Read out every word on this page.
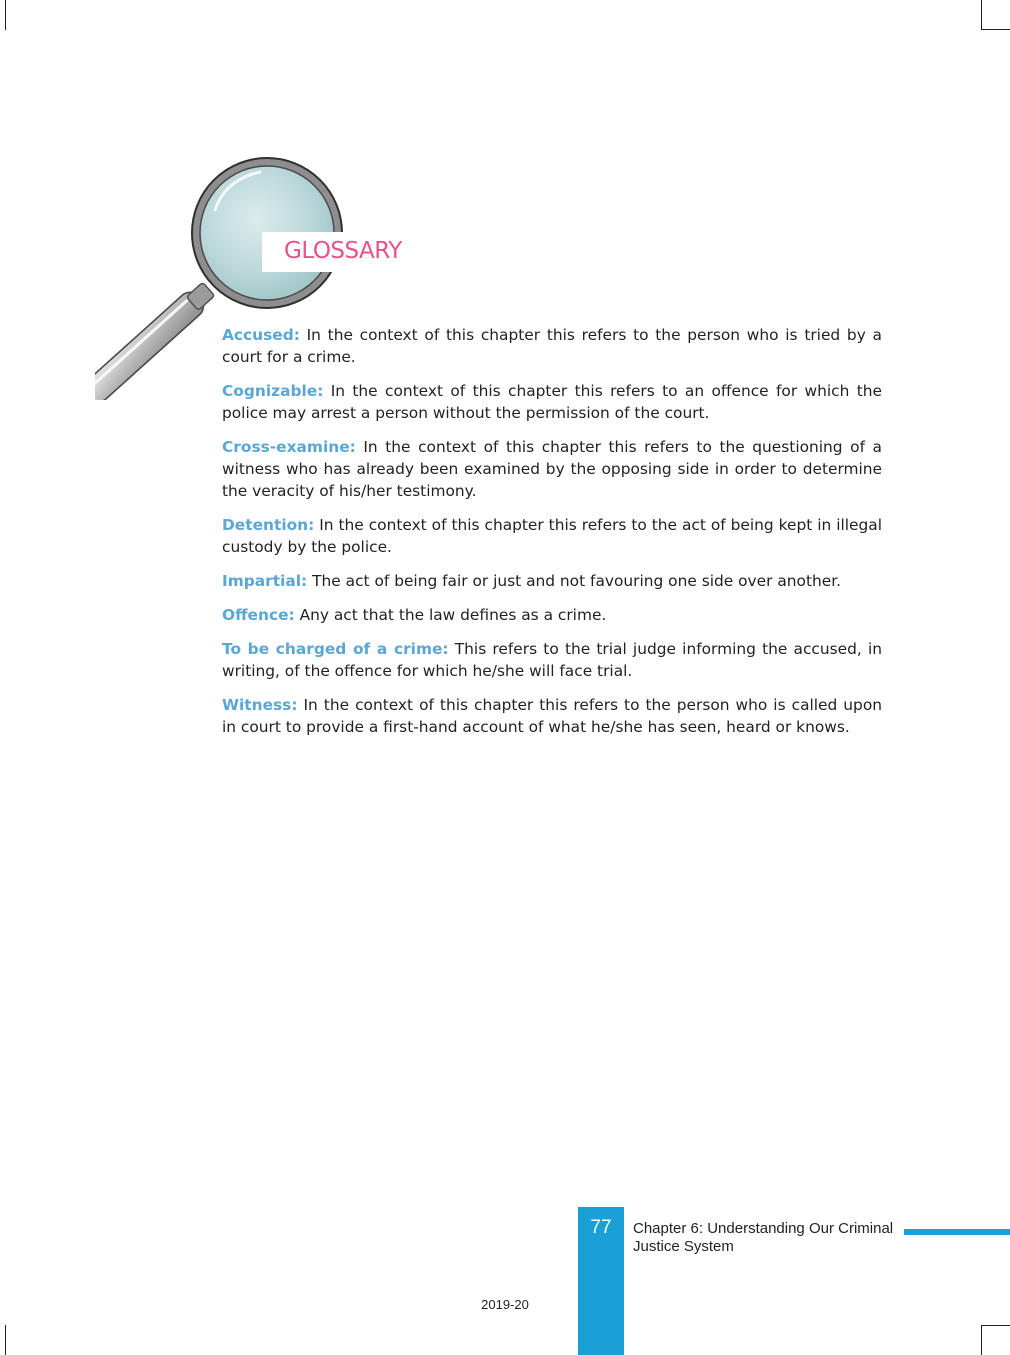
GLOSSARY

Accused: In the context of this chapter this refers to the person who is tried by a court for a crime.

Cognizable: In the context of this chapter this refers to an offence for which the police may arrest a person without the permission of the court.

Cross-examine: In the context of this chapter this refers to the questioning of a witness who has already been examined by the opposing side in order to determine the veracity of his/her testimony.

Detention: In the context of this chapter this refers to the act of being kept in illegal custody by the police.

Impartial: The act of being fair or just and not favouring one side over another.

Offence: Any act that the law defines as a crime.

To be charged of a crime: This refers to the trial judge informing the accused, in writing, of the offence for which he/she will face trial.

Witness: In the context of this chapter this refers to the person who is called upon in court to provide a first-hand account of what he/she has seen, heard or knows.

77	Chapter 6: Understanding Our Criminal Justice System
2019-20
